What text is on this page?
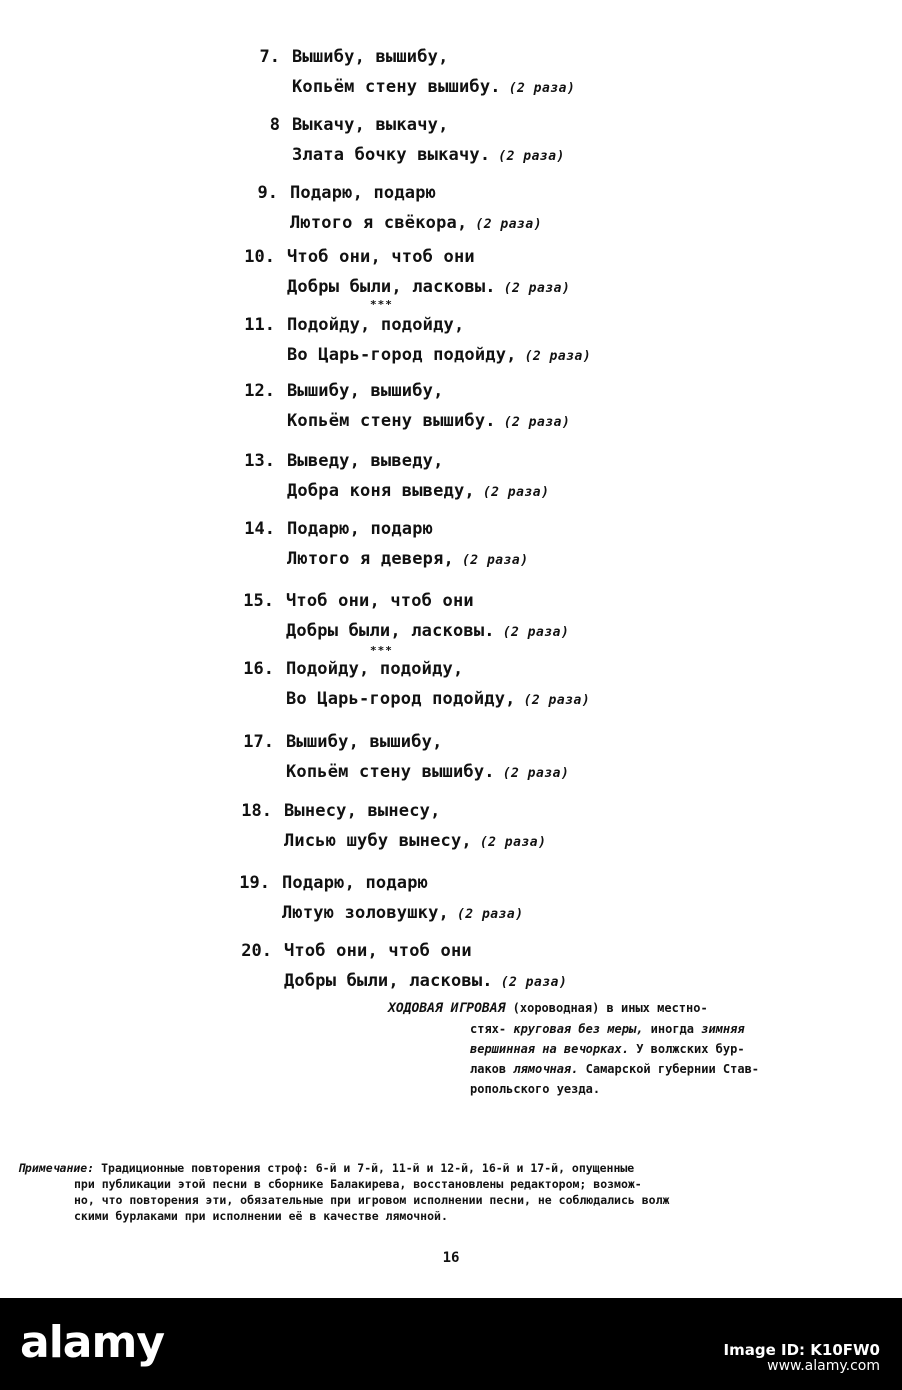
7. Вышибу, вышибу,
Копьём стену вышибу. (2 раза)
8 Выкачу, выкачу,
Злата бочку выкачу. (2 раза)
9. Подарю, подарю
Лютого я свёкора, (2 раза)
10. Чтоб они, чтоб они
Добры были, ласковы. (2 раза)
11. Подойду, подойду,
Во Царь-город подойду, (2 раза)
12. Вышибу, вышибу,
Копьём стену вышибу. (2 раза)
13. Выведу, выведу,
Добра коня выведу, (2 раза)
14. Подарю, подарю
Лютого я деверя, (2 раза)
15. Чтоб они, чтоб они
Добры были, ласковы. (2 раза)
16. Подойду, подойду,
Во Царь-город подойду, (2 раза)
17. Вышибу, вышибу,
Копьём стену вышибу. (2 раза)
18. Вынесу, вынесу,
Лисью шубу вынесу, (2 раза)
19. Подарю, подарю
Лютую золовушку, (2 раза)
20. Чтоб они, чтоб они
Добры были, ласковы. (2 раза)
***
***
ХОДОВАЯ ИГРОВАЯ (хороводная) в иных местно-
стях- круговая без меры, иногда зимняя
вершинная на вечорках. У волжских бур-
лаков лямочная. Самарской губернии Став-
ропольского уезда.
Примечание: Традиционные повторения строф: 6-й и 7-й, 11-й и 12-й, 16-й и 17-й, опущенные
при публикации этой песни в сборнике Балакирева, восстановлены редактором; возмож-
но, что повторения эти, обязательные при игровом исполнении песни, не соблюдались волж
скими бурлаками при исполнении её в качестве лямочной.
16
alamy	Image ID: K10FW0
www.alamy.com
